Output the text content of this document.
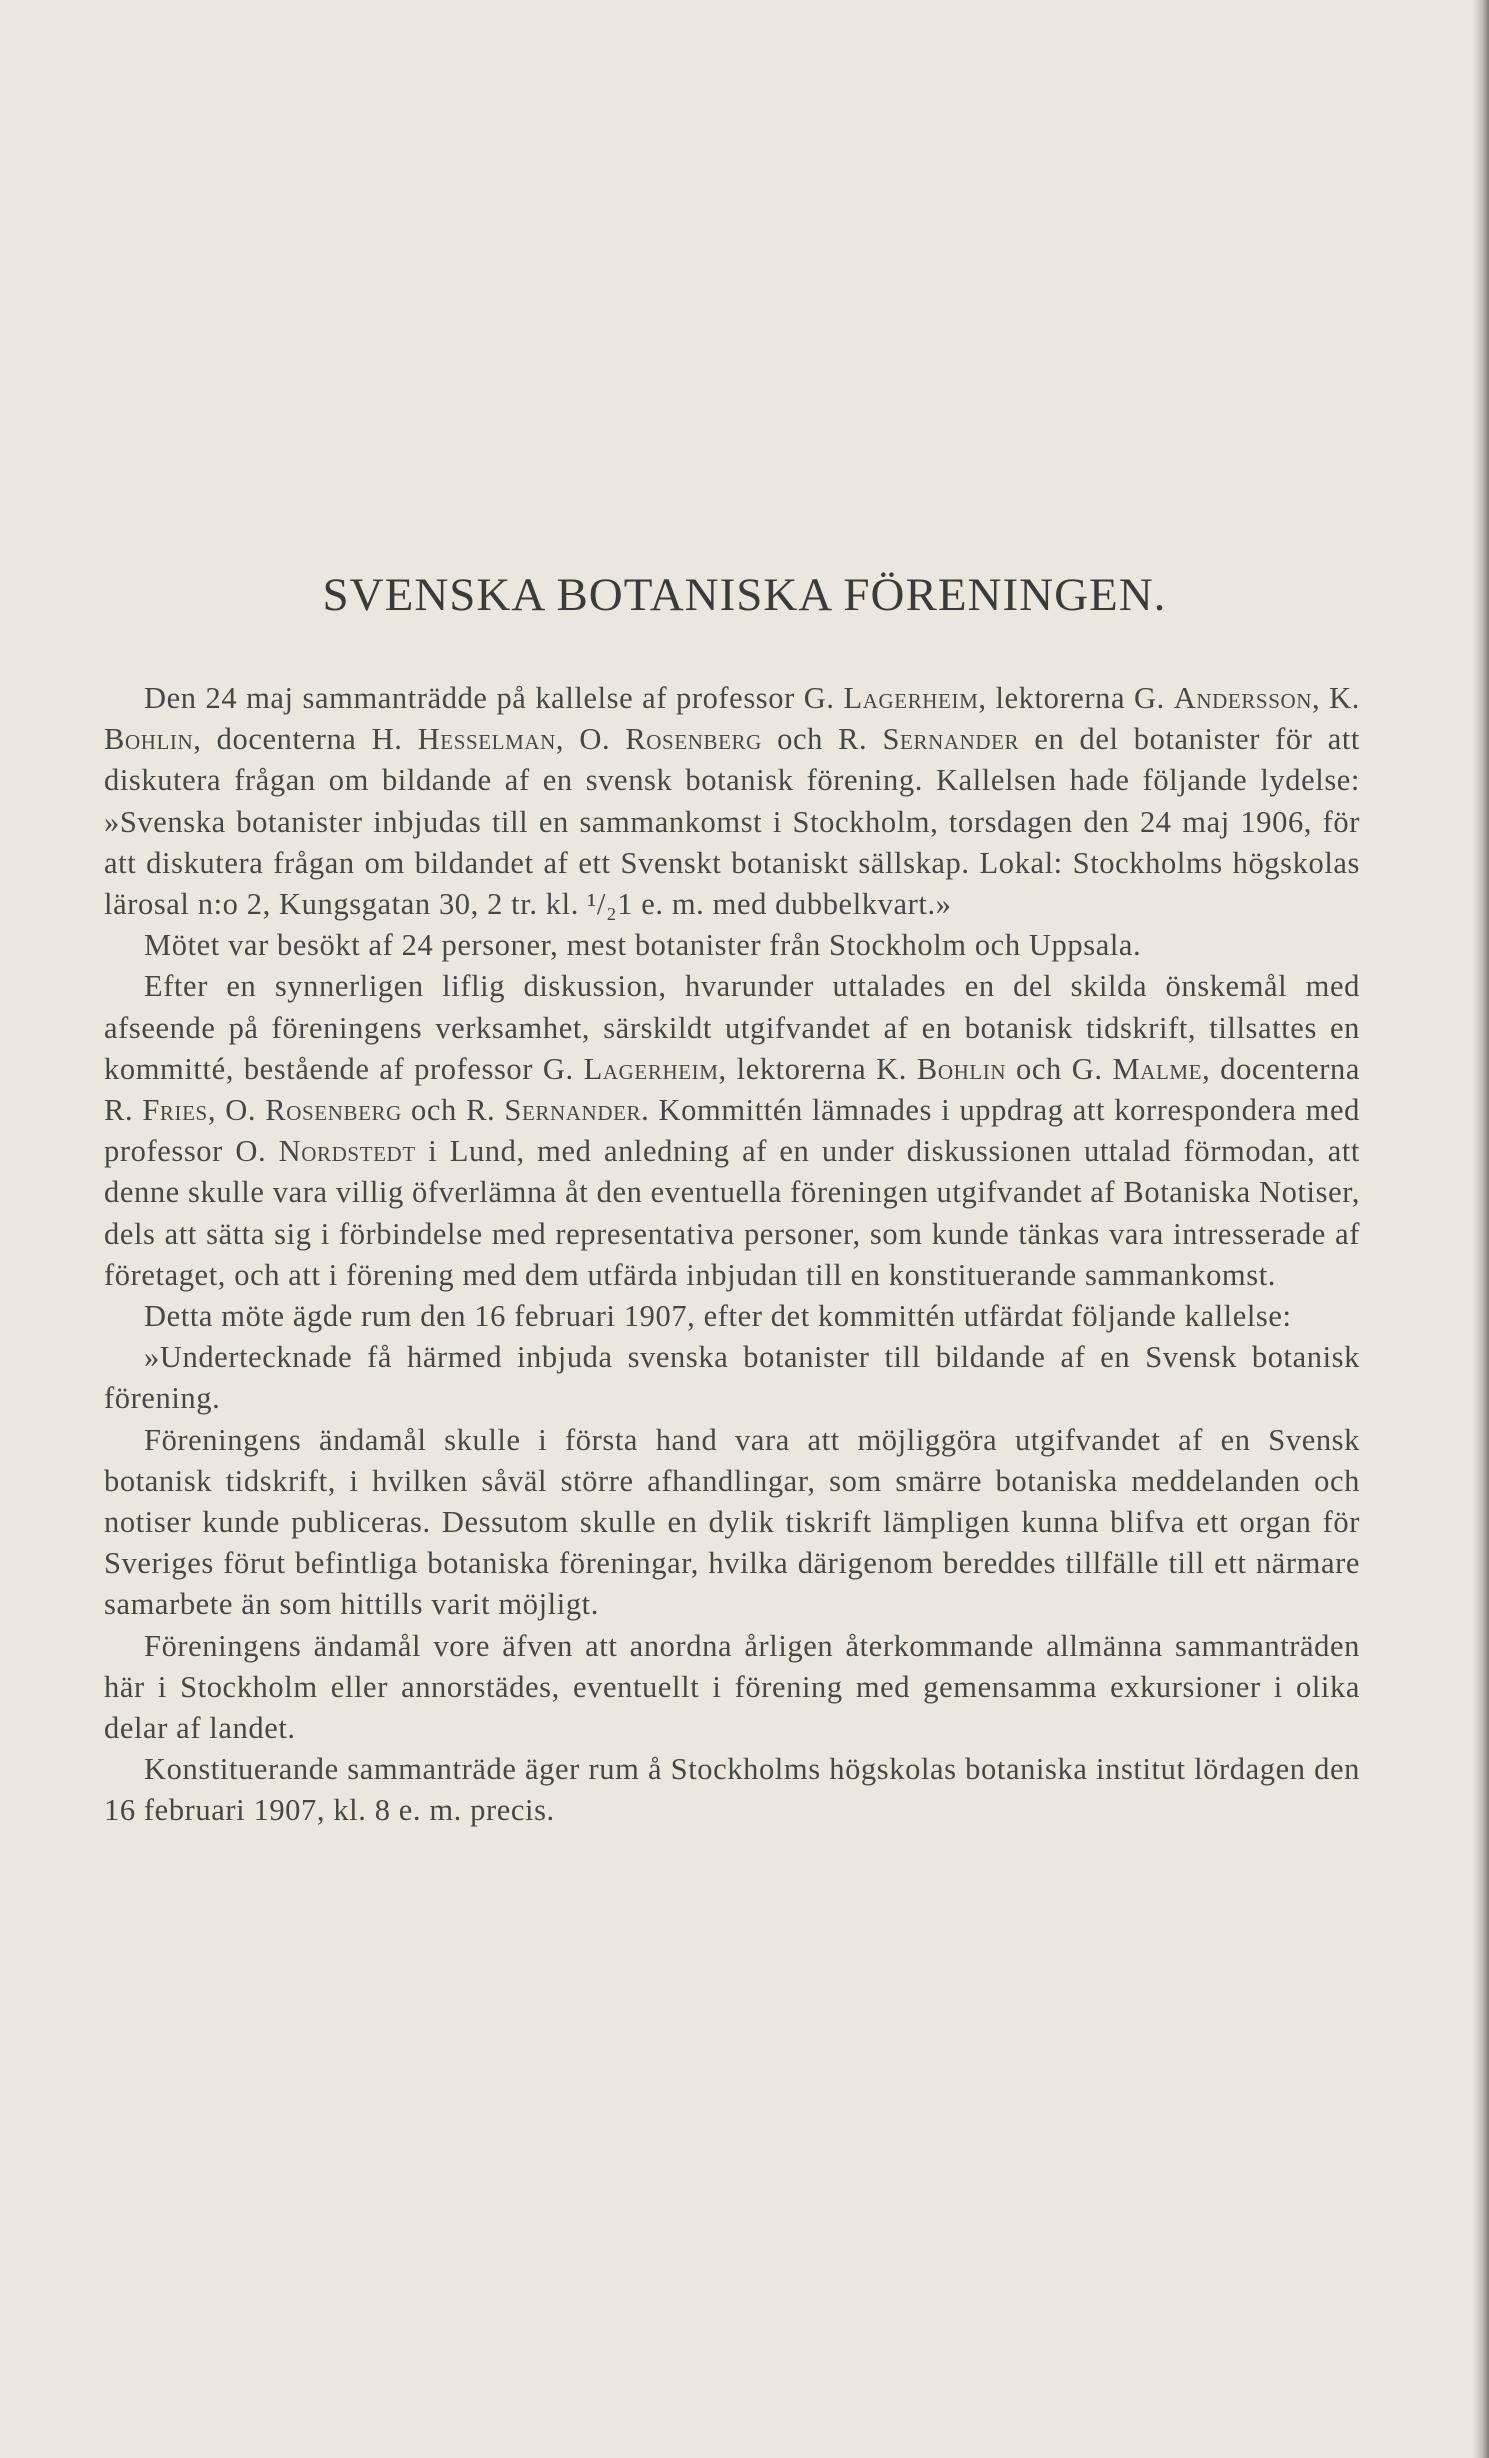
SVENSKA BOTANISKA FÖRENINGEN.

Den 24 maj sammanträdde på kallelse af professor G. Lagerheim, lektorerna G. Andersson, K. Bohlin, docenterna H. Hesselman, O. Rosenberg och R. Sernander en del botanister för att diskutera frågan om bildande af en svensk botanisk förening. Kallelsen hade följande lydelse: »Svenska botanister inbjudas till en sammankomst i Stockholm, torsdagen den 24 maj 1906, för att diskutera frågan om bildandet af ett Svenskt botaniskt sällskap. Lokal: Stockholms högskolas lärosal n:o 2, Kungsgatan 30, 2 tr. kl. ¹/₂1 e. m. med dubbelkvart.»

Mötet var besökt af 24 personer, mest botanister från Stockholm och Uppsala.

Efter en synnerligen liflig diskussion, hvarunder uttalades en del skilda önskemål med afseende på föreningens verksamhet, särskildt utgifvandet af en botanisk tidskrift, tillsattes en kommitté, bestående af professor G. Lagerheim, lektorerna K. Bohlin och G. Malme, docenterna R. Fries, O. Rosenberg och R. Sernander. Kommittén lämnades i uppdrag att korrespondera med professor O. Nordstedt i Lund, med anledning af en under diskussionen uttalad förmodan, att denne skulle vara villig öfverlämna åt den eventuella föreningen utgifvandet af Botaniska Notiser, dels att sätta sig i förbindelse med representativa personer, som kunde tänkas vara intresserade af företaget, och att i förening med dem utfärda inbjudan till en konstituerande sammankomst.

Detta möte ägde rum den 16 februari 1907, efter det kommittén utfärdat följande kallelse:

»Undertecknade få härmed inbjuda svenska botanister till bildande af en Svensk botanisk förening.

Föreningens ändamål skulle i första hand vara att möjliggöra utgifvandet af en Svensk botanisk tidskrift, i hvilken såväl större afhandlingar, som smärre botaniska meddelanden och notiser kunde publiceras. Dessutom skulle en dylik tiskrift lämpligen kunna blifva ett organ för Sveriges förut befintliga botaniska föreningar, hvilka därigenom bereddes tillfälle till ett närmare samarbete än som hittills varit möjligt.

Föreningens ändamål vore äfven att anordna årligen återkommande allmänna sammanträden här i Stockholm eller annorstädes, eventuellt i förening med gemensamma exkursioner i olika delar af landet.

Konstituerande sammanträde äger rum å Stockholms högskolas botaniska institut lördagen den 16 februari 1907, kl. 8 e. m. precis.
